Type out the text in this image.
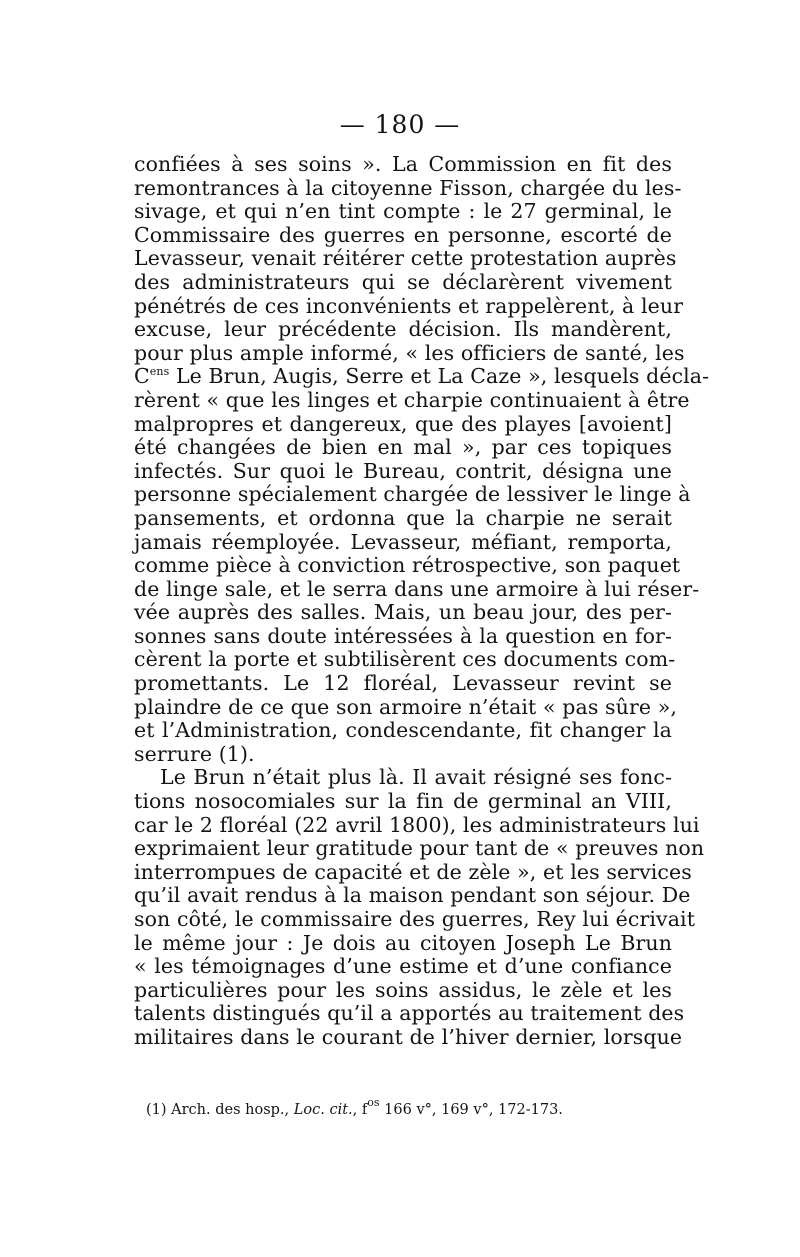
— 180 —
confiées à ses soins ». La Commission en fit des
remontrances à la citoyenne Fisson, chargée du les-
sivage, et qui n’en tint compte : le 27 germinal, le
Commissaire des guerres en personne, escorté de
Levasseur, venait réitérer cette protestation auprès
des administrateurs qui se déclarèrent vivement
pénétrés de ces inconvénients et rappelèrent, à leur
excuse, leur précédente décision. Ils mandèrent,
pour plus ample informé, « les officiers de santé, les
$C^{ens}$ Le Brun, Augis, Serre et La Caze », lesquels décla-
rèrent « que les linges et charpie continuaient à être
malpropres et dangereux, que des playes [avoient]
été changées de bien en mal », par ces topiques
infectés. Sur quoi le Bureau, contrit, désigna une
personne spécialement chargée de lessiver le linge à
pansements, et ordonna que la charpie ne serait
jamais réemployée. Levasseur, méfiant, remporta,
comme pièce à conviction rétrospective, son paquet
de linge sale, et le serra dans une armoire à lui réser-
vée auprès des salles. Mais, un beau jour, des per-
sonnes sans doute intéressées à la question en for-
cèrent la porte et subtilisèrent ces documents com-
promettants. Le 12 floréal, Levasseur revint se
plaindre de ce que son armoire n’était « pas sûre »,
et l’Administration, condescendante, fit changer la
serrure (1).
Le Brun n’était plus là. Il avait résigné ses fonc-
tions nosocomiales sur la fin de germinal an VIII,
car le 2 floréal (22 avril 1800), les administrateurs lui
exprimaient leur gratitude pour tant de « preuves non
interrompues de capacité et de zèle », et les services
qu’il avait rendus à la maison pendant son séjour. De
son côté, le commissaire des guerres, Rey lui écrivait
le même jour : Je dois au citoyen Joseph Le Brun
« les témoignages d’une estime et d’une confiance
particulières pour les soins assidus, le zèle et les
talents distingués qu’il a apportés au traitement des
militaires dans le courant de l’hiver dernier, lorsque
(1) Arch. des hosp., Loc. cit., $f^{os}$ 166 v°, 169 v°, 172-173.
